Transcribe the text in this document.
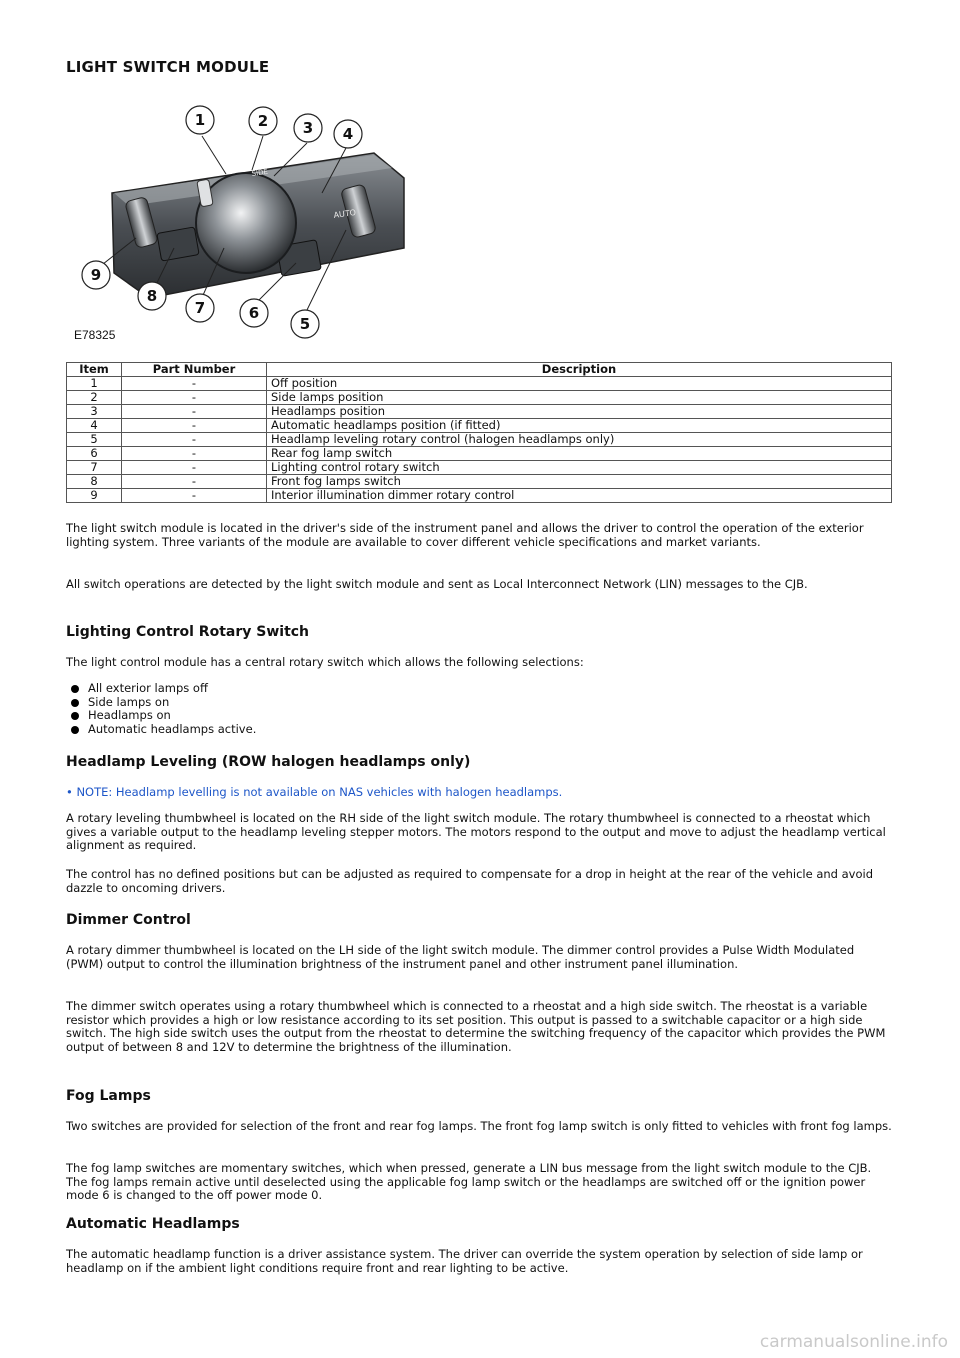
LIGHT SWITCH MODULE
SIDE
AUTO
1	2 3 4
5
6
7
8
9
E78325
Item	Part Number	Description
1	-	Off position
2	-	Side lamps position
3	-	Headlamps position
4	-	Automatic headlamps position (if fitted)
5	-	Headlamp leveling rotary control (halogen headlamps only)
6	-	Rear fog lamp switch
7	-	Lighting control rotary switch
8	-	Front fog lamps switch
9	-	Interior illumination dimmer rotary control

The light switch module is located in the driver's side of the instrument panel and allows the driver to control the operation of the exterior lighting system. Three variants of the module are available to cover different vehicle specifications and market variants.

All switch operations are detected by the light switch module and sent as Local Interconnect Network (LIN) messages to the CJB.

Lighting Control Rotary Switch

The light control module has a central rotary switch which allows the following selections:

All exterior lamps off
Side lamps on
Headlamps on
Automatic headlamps active.
Headlamp Leveling (ROW halogen headlamps only)

• NOTE: Headlamp levelling is not available on NAS vehicles with halogen headlamps.

A rotary leveling thumbwheel is located on the RH side of the light switch module. The rotary thumbwheel is connected to a rheostat which gives a variable output to the headlamp leveling stepper motors. The motors respond to the output and move to adjust the headlamp vertical alignment as required.

The control has no defined positions but can be adjusted as required to compensate for a drop in height at the rear of the vehicle and avoid dazzle to oncoming drivers.

Dimmer Control

A rotary dimmer thumbwheel is located on the LH side of the light switch module. The dimmer control provides a Pulse Width Modulated (PWM) output to control the illumination brightness of the instrument panel and other instrument panel illumination.

The dimmer switch operates using a rotary thumbwheel which is connected to a rheostat and a high side switch. The rheostat is a variable resistor which provides a high or low resistance according to its set position. This output is passed to a switchable capacitor or a high side switch. The high side switch uses the output from the rheostat to determine the switching frequency of the capacitor which provides the PWM output of between 8 and 12V to determine the brightness of the illumination.

Fog Lamps

Two switches are provided for selection of the front and rear fog lamps. The front fog lamp switch is only fitted to vehicles with front fog lamps.

The fog lamp switches are momentary switches, which when pressed, generate a LIN bus message from the light switch module to the CJB. The fog lamps remain active until deselected using the applicable fog lamp switch or the headlamps are switched off or the ignition power mode 6 is changed to the off power mode 0.

Automatic Headlamps

The automatic headlamp function is a driver assistance system. The driver can override the system operation by selection of side lamp or headlamp on if the ambient light conditions require front and rear lighting to be active.

carmanualsonline.info
